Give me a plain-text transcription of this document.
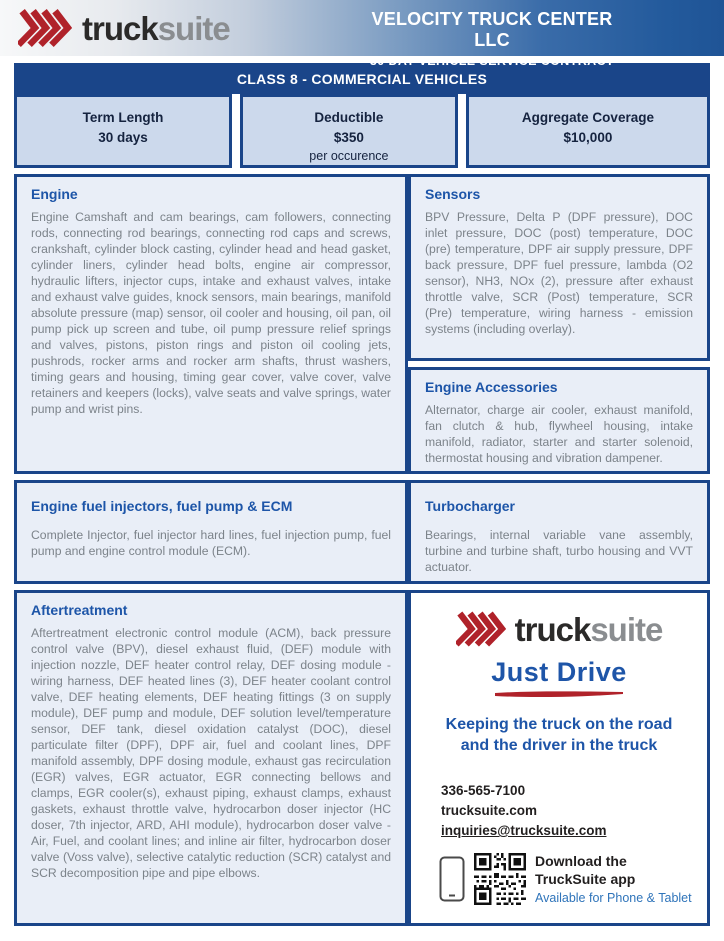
trucksuite	VELOCITY TRUCK CENTER LLC
30 DAY VEHICLE SERVICE CONTRACT
CLASS 8 - COMMERCIAL VEHICLES
Term Length
30 days
Deductible
$350
per occurence
Aggregate Coverage
$10,000
Engine

Engine Camshaft and cam bearings, cam followers, connecting rods, connecting rod bearings, connecting rod caps and screws, crankshaft, cylinder block casting, cylinder head and head gasket, cylinder liners, cylinder head bolts, engine air compressor, hydraulic lifters, injector cups, intake and exhaust valves, intake and exhaust valve guides, knock sensors, main bearings, manifold absolute pressure (map) sensor, oil cooler and housing, oil pan, oil pump pick up screen and tube, oil pump pressure relief springs and valves, pistons, piston rings and piston oil cooling jets, pushrods, rocker arms and rocker arm shafts, thrust washers, timing gears and housing, timing gear cover, valve cover, valve retainers and keepers (locks), valve seats and valve springs, water pump and wrist pins.

Engine fuel injectors, fuel pump & ECM

Complete Injector, fuel injector hard lines, fuel injection pump, fuel pump and engine control module (ECM).

Aftertreatment

Aftertreatment electronic control module (ACM), back pressure control valve (BPV), diesel exhaust fluid, (DEF) module with injection nozzle, DEF heater control relay, DEF dosing module - wiring harness, DEF heated lines (3), DEF heater coolant control valve, DEF heating elements, DEF heating fittings (3 on supply module), DEF pump and module, DEF solution level/temperature sensor, DEF tank, diesel oxidation catalyst (DOC), diesel particulate filter (DPF), DPF air, fuel and coolant lines, DPF manifold assembly, DPF dosing module, exhaust gas recirculation (EGR) valves, EGR actuator, EGR connecting bellows and clamps, EGR cooler(s), exhaust piping, exhaust clamps, exhaust gaskets, exhaust throttle valve, hydrocarbon doser injector (HC doser, 7th injector, ARD, AHI module), hydrocarbon doser valve - Air, Fuel, and coolant lines; and inline air filter, hydrocarbon doser valve (Voss valve), selective catalytic reduction (SCR) catalyst and SCR decomposition pipe and pipe elbows.

Sensors

BPV Pressure, Delta P (DPF pressure), DOC inlet pressure, DOC (post) temperature, DOC (pre) temperature, DPF air supply pressure, DPF back pressure, DPF fuel pressure, lambda (O2 sensor), NH3, NOx (2), pressure after exhaust throttle valve, SCR (Post) temperature, SCR (Pre) temperature, wiring harness - emission systems (including overlay).

Engine Accessories

Alternator, charge air cooler, exhaust manifold, fan clutch & hub, flywheel housing, intake manifold, radiator, starter and starter solenoid, thermostat housing and vibration dampener.

Turbocharger

Bearings, internal variable vane assembly, turbine and turbine shaft, turbo housing and VVT actuator.

trucksuite
Just Drive
Keeping the truck on the road
and the driver in the truck
336-565-7100
trucksuite.com
inquiries@trucksuite.com
Download the
TruckSuite app
Available for Phone & Tablet
